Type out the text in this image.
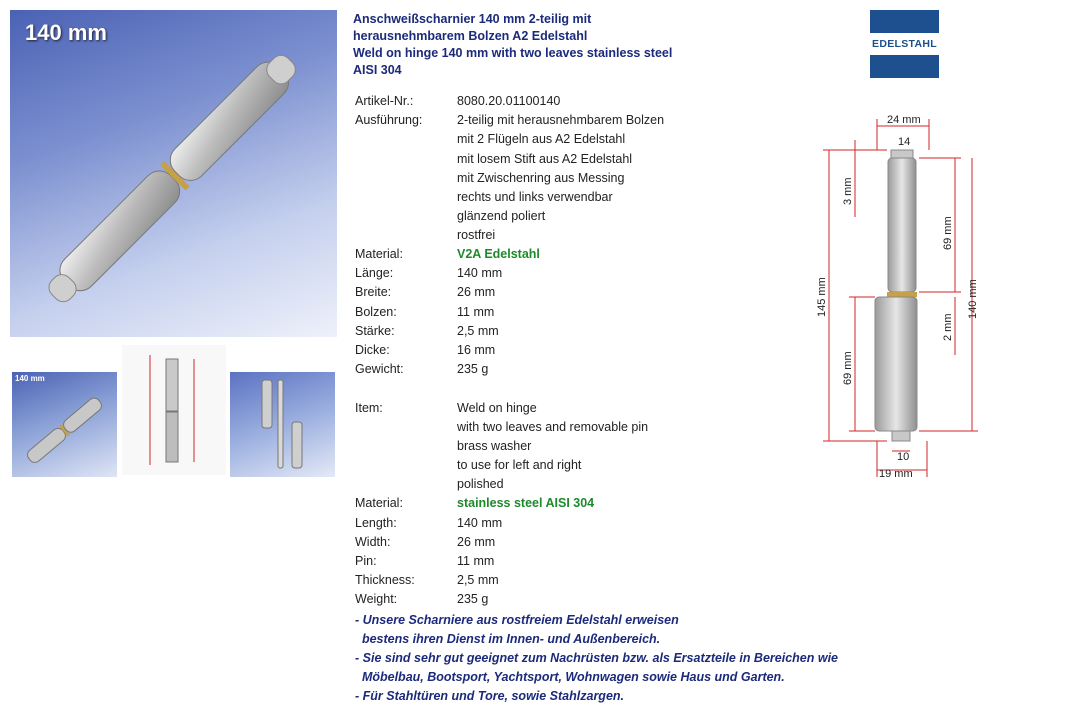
140 mm
140 mm
Anschweißscharnier 140 mm 2-teilig mit
herausnehmbarem Bolzen A2 Edelstahl
Weld on hinge 140 mm with two leaves stainless steel
AISI 304
EDELSTAHL
Artikel-Nr.:	8080.20.01100140
Ausführung:	2-teilig mit herausnehmbarem Bolzen
mit 2 Flügeln aus A2 Edelstahl
mit losem Stift aus A2 Edelstahl
mit Zwischenring aus Messing
rechts und links verwendbar
glänzend poliert
rostfrei
Material:	V2A Edelstahl
Länge:	140 mm
Breite:	26 mm
Bolzen:	11 mm
Stärke:	2,5 mm
Dicke:	16 mm
Gewicht:	235 g
Item:	Weld on hinge
with two leaves and removable pin
brass washer
to use for left and right
polished
Material:	stainless steel AISI 304
Length:	140 mm
Width:	26 mm
Pin:	11 mm
Thickness:	2,5 mm
Weight:	235 g
- Unsere Scharniere aus rostfreiem Edelstahl erweisen
bestens ihren Dienst im Innen- und Außenbereich.
- Sie sind sehr gut geeignet zum Nachrüsten bzw. als Ersatzteile in Bereichen wie
Möbelbau, Bootsport, Yachtsport, Wohnwagen sowie Haus und Garten.
- Für Stahltüren und Tore, sowie Stahlzargen.
24 mm
14
3 mm
69 mm
145 mm	140 mm
2 mm
69 mm
10
19 mm
